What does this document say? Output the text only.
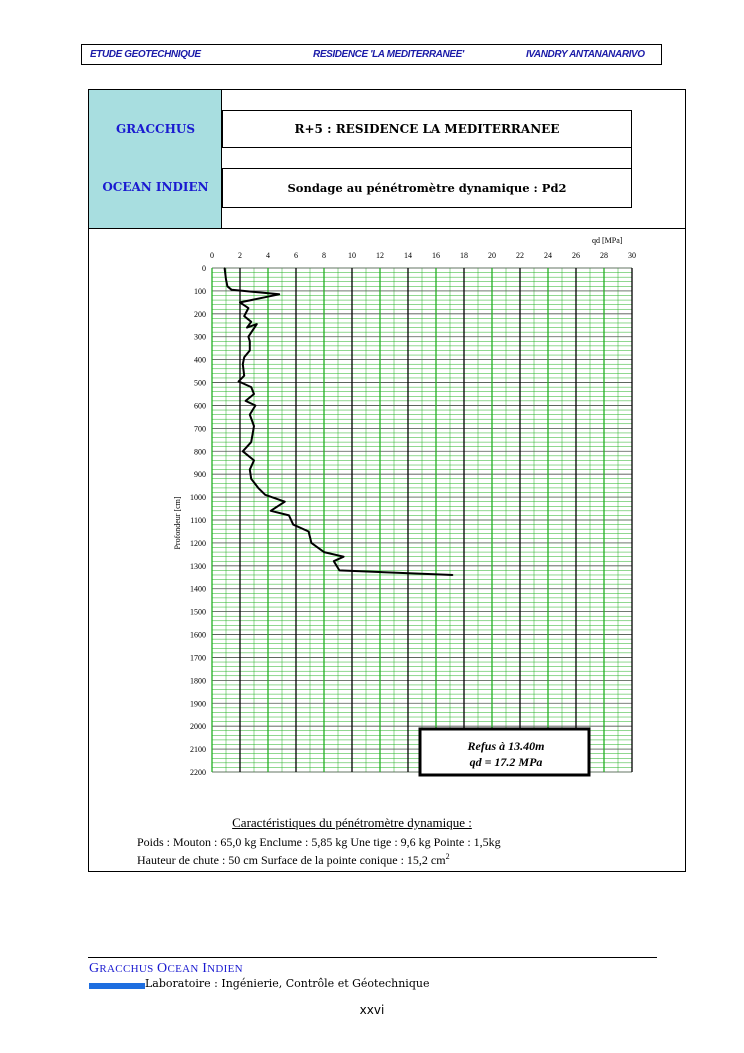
ETUDE GEOTECHNIQUE	RESIDENCE 'LA MEDITERRANEE'	IVANDRY ANTANANARIVO
GRACCHUS
OCEAN INDIEN
R+5 : RESIDENCE LA MEDITERRANEE
Sondage au pénétromètre dynamique : Pd2
0	2	4	6	8	10	12	14	16	18	20	22	24	26	28	30
0
100
200
300
400
500
600
700
800
900
1000
1100
1200
1300
1400
1500
1600
1700
1800
1900
2000
2100
2200
qd [MPa]
Profondeur [cm]
Refus à 13.40m
qd = 17.2 MPa
Caractéristiques du pénétromètre dynamique :
Poids : Mouton : 65,0 kg Enclume : 5,85 kg Une tige : 9,6 kg Pointe : 1,5kg
Hauteur de chute : 50 cm Surface de la pointe conique : 15,2 $cm^2$
GRACCHUS OCEAN INDIEN
Laboratoire : Ingénierie, Contrôle et Géotechnique
xxvi
